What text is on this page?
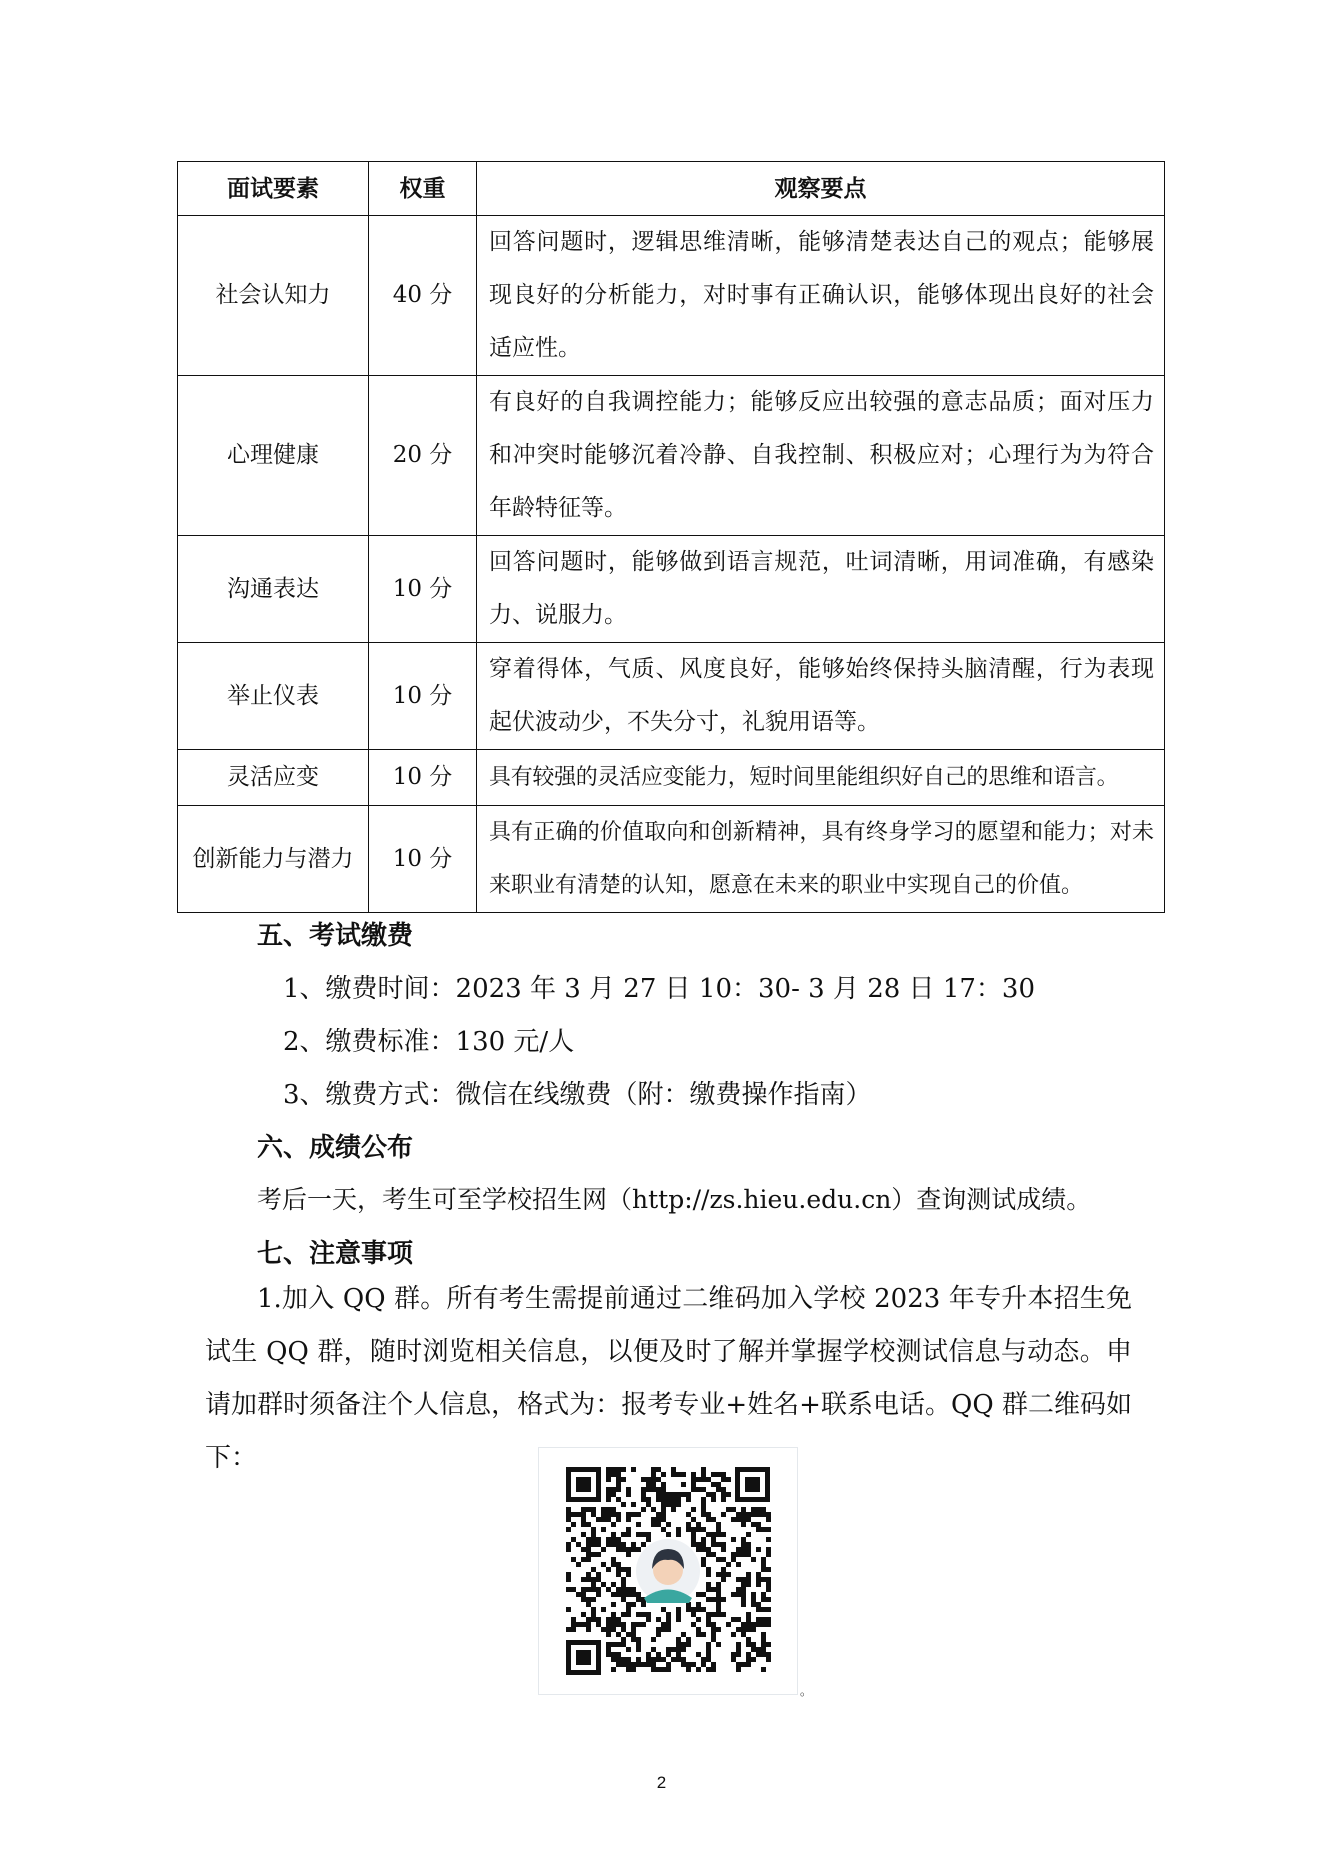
面试要素	权重	观察要点
社会认知力	40 分	回答问题时，逻辑思维清晰，能够清楚表达自己的观点；能够展现良好的分析能力，对时事有正确认识，能够体现出良好的社会适应性。
心理健康	20 分	有良好的自我调控能力；能够反应出较强的意志品质；面对压力和冲突时能够沉着冷静、自我控制、积极应对；心理行为为符合年龄特征等。
沟通表达	10 分	回答问题时，能够做到语言规范，吐词清晰，用词准确，有感染力、说服力。
举止仪表	10 分	穿着得体，气质、风度良好，能够始终保持头脑清醒，行为表现起伏波动少，不失分寸，礼貌用语等。
灵活应变	10 分	具有较强的灵活应变能力，短时间里能组织好自己的思维和语言。
创新能力与潜力	10 分	具有正确的价值取向和创新精神，具有终身学习的愿望和能力；对未来职业有清楚的认知，愿意在未来的职业中实现自己的价值。
五、考试缴费
1、缴费时间：2023 年 3 月 27 日 10：30- 3 月 28 日 17：30
2、缴费标准：130 元/人
3、缴费方式：微信在线缴费（附：缴费操作指南）
六、成绩公布
考后一天，考生可至学校招生网（http://zs.hieu.edu.cn）查询测试成绩。
七、注意事项
1.加入 QQ 群。所有考生需提前通过二维码加入学校 2023 年专升本招生免试生 QQ 群，随时浏览相关信息，以便及时了解并掌握学校测试信息与动态。申请加群时须备注个人信息，格式为：报考专业+姓名+联系电话。QQ 群二维码如下：
。
2
